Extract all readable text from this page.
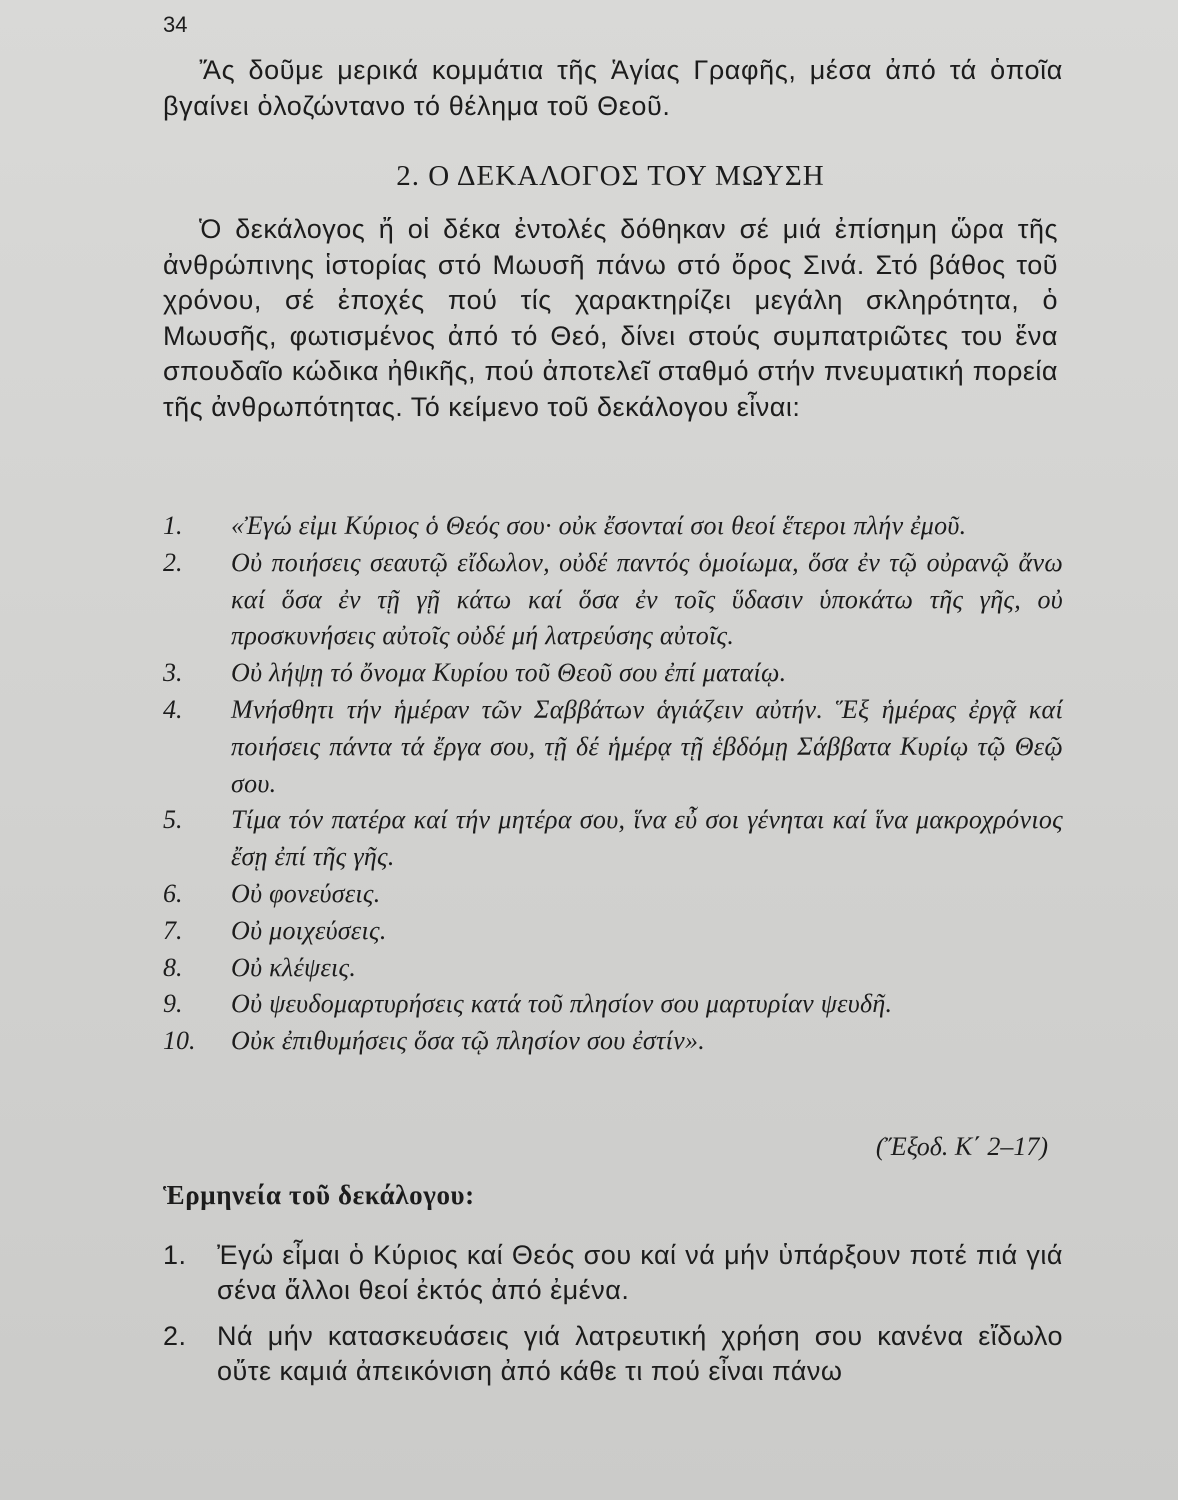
34

Ἄς δοῦμε μερικά κομμάτια τῆς Ἁγίας Γραφῆς, μέσα ἀπό τά ὁποῖα βγαίνει ὁλοζώντανο τό θέλημα τοῦ Θεοῦ.

2. Ο ΔΕΚΑΛΟΓΟΣ ΤΟΥ ΜΩΥΣΗ

Ὁ δεκάλογος ἤ οἱ δέκα ἐντολές δόθηκαν σέ μιά ἐπίσημη ὥρα τῆς ἀνθρώπινης ἱστορίας στό Μωυσῆ πάνω στό ὄρος Σινά. Στό βάθος τοῦ χρόνου, σέ ἐποχές πού τίς χαρακτηρίζει μεγάλη σκληρότητα, ὁ Μωυσῆς, φωτισμένος ἀπό τό Θεό, δίνει στούς συμπατριῶτες του ἕνα σπουδαῖο κώδικα ἠθικῆς, πού ἀποτελεῖ σταθμό στήν πνευματική πορεία τῆς ἀνθρωπότητας. Τό κείμενο τοῦ δεκάλογου εἶναι:

1.	«Ἐγώ εἰμι Κύριος ὁ Θεός σου· οὐκ ἔσονταί σοι θεοί ἕτεροι πλήν ἐμοῦ.
2.	Οὐ ποιήσεις σεαυτῷ εἴδωλον, οὐδέ παντός ὁμοίωμα, ὅσα ἐν τῷ οὐρανῷ ἄνω καί ὅσα ἐν τῇ γῇ κάτω καί ὅσα ἐν τοῖς ὕδασιν ὑποκάτω τῆς γῆς, οὐ προσκυνήσεις αὐτοῖς οὐδέ μή λατρεύσης αὐτοῖς.
3.	Οὐ λήψῃ τό ὄνομα Κυρίου τοῦ Θεοῦ σου ἐπί ματαίῳ.
4.	Μνήσθητι τήν ἡμέραν τῶν Σαββάτων ἁγιάζειν αὐτήν. Ἕξ ἡμέρας ἐργᾷ καί ποιήσεις πάντα τά ἔργα σου, τῇ δέ ἡμέρᾳ τῇ ἑβδόμῃ Σάββατα Κυρίῳ τῷ Θεῷ σου.
5.	Τίμα τόν πατέρα καί τήν μητέρα σου, ἵνα εὖ σοι γένηται καί ἵνα μακροχρόνιος ἔσῃ ἐπί τῆς γῆς.
6.	Οὐ φονεύσεις.
7.	Οὐ μοιχεύσεις.
8.	Οὐ κλέψεις.
9.	Οὐ ψευδομαρτυρήσεις κατά τοῦ πλησίον σου μαρτυρίαν ψευδῆ.
10.	Οὐκ ἐπιθυμήσεις ὅσα τῷ πλησίον σου ἐστίν».
(Ἔξοδ. Κ΄ 2–17)
Ἑρμηνεία τοῦ δεκάλογου:
1.	Ἐγώ εἶμαι ὁ Κύριος καί Θεός σου καί νά μήν ὑπάρξουν ποτέ πιά γιά σένα ἄλλοι θεοί ἐκτός ἀπό ἐμένα.
2.	Νά μήν κατασκευάσεις γιά λατρευτική χρήση σου κανένα εἴδωλο οὔτε καμιά ἀπεικόνιση ἀπό κάθε τι πού εἶναι πάνω
